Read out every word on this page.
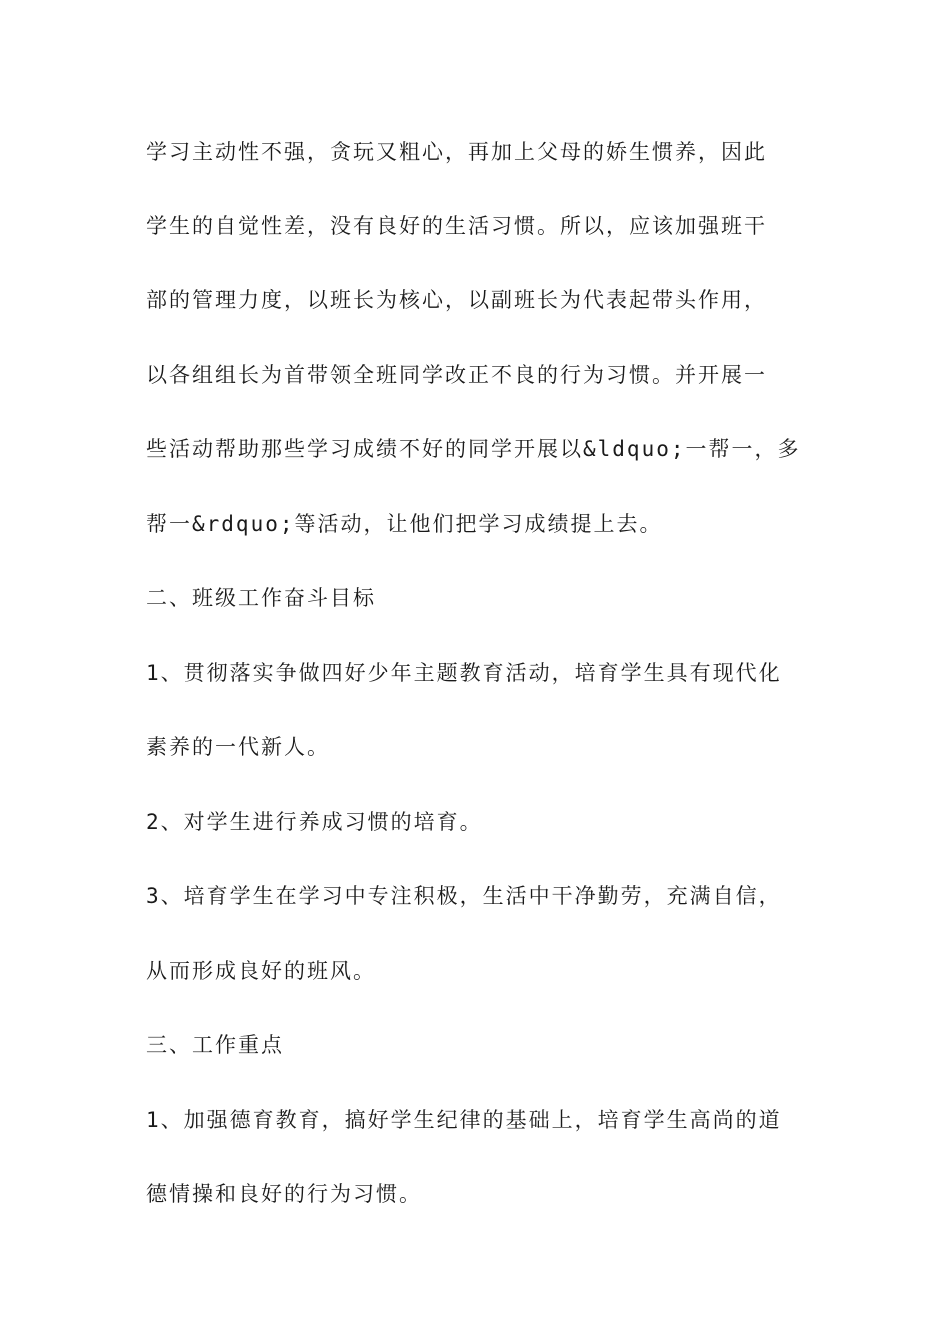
学习主动性不强，贪玩又粗心，再加上父母的娇生惯养，因此
学生的自觉性差，没有良好的生活习惯。所以，应该加强班干
部的管理力度，以班长为核心，以副班长为代表起带头作用，
以各组组长为首带领全班同学改正不良的行为习惯。并开展一
些活动帮助那些学习成绩不好的同学开展以&ldquo;一帮一，多
帮一&rdquo;等活动，让他们把学习成绩提上去。
二、班级工作奋斗目标
1、贯彻落实争做四好少年主题教育活动，培育学生具有现代化
素养的一代新人。
2、对学生进行养成习惯的培育。
3、培育学生在学习中专注积极，生活中干净勤劳，充满自信，
从而形成良好的班风。
三、工作重点
1、加强德育教育，搞好学生纪律的基础上，培育学生高尚的道
德情操和良好的行为习惯。
